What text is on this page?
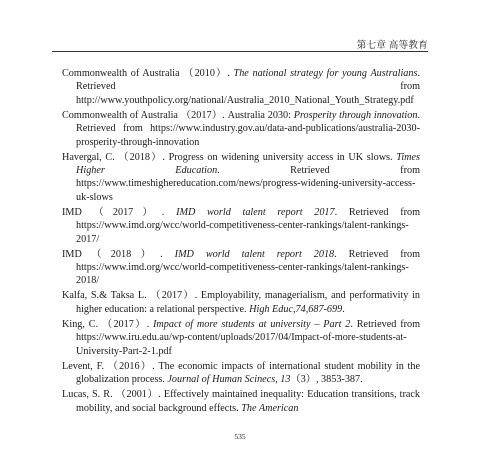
第七章 高等教育

Commonwealth of Australia （2010）. The national strategy for young Australians. Retrieved from http://www.youthpolicy.org/national/Australia_2010_National_Youth_Strategy.pdf

Commonwealth of Australia （2017）. Australia 2030: Prosperity through innovation. Retrieved from https://www.industry.gov.au/data-and-publications/australia-2030-prosperity-through-innovation

Havergal, C. （2018）. Progress on widening university access in UK slows. Times Higher Education. Retrieved from https://www.timeshighereducation.com/news/progress-widening-university-access-uk-slows

IMD （2017）. IMD world talent report 2017. Retrieved from https://www.imd.org/wcc/world-competitiveness-center-rankings/talent-rankings-2017/

IMD（2018）. IMD world talent report 2018. Retrieved from https://www.imd.org/wcc/world-competitiveness-center-rankings/talent-rankings-2018/

Kalfa, S.& Taksa L. （2017）. Employability, managerialism, and performativity in higher education: a relational perspective. High Educ,74,687-699.

King, C. （2017）. Impact of more students at university – Part 2. Retrieved from https://www.iru.edu.au/wp-content/uploads/2017/04/Impact-of-more-students-at-University-Part-2-1.pdf

Levent, F. （2016）. The economic impacts of international student mobility in the globalization process. Journal of Human Scinecs, 13（3）, 3853-387.

Lucas, S. R. （2001）. Effectively maintained inequality: Education transitions, track mobility, and social background effects. The American

535
